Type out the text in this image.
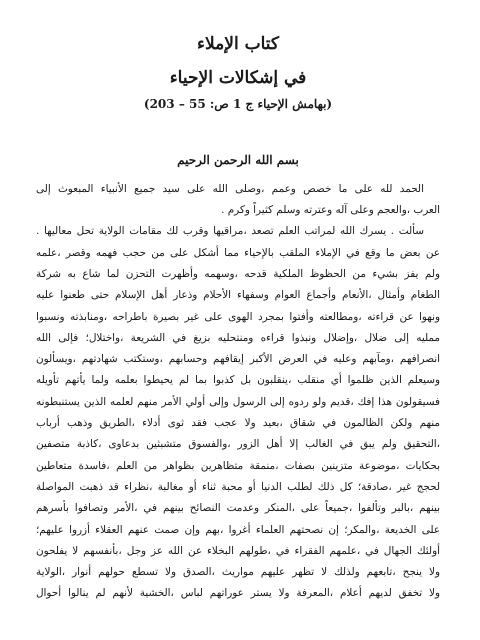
كتاب الإملاء
في إشكالات الإحياء
(بهامش الإحياء ج 1 ص: 55 – 203)
بسم الله الرحمن الرحيم
الحمد لله على ما خصص وعمم ،وصلى الله على سيد جميع الأنبياء المبعوث إلى
العرب ،والعجم وعلى آله وعترته وسلم كثيراً وكرم .
سألت . يسرك الله لمراتب العلم تصعد ،مراقيها وقرب لك مقامات الولاية تحل معاليها .
عن بعض ما وقع في الإملاء الملقب بالإحياء مما أشكل على من حجب فهمه وقصر ،علمه
ولم يفز بشيء من الحظوظ الملكية قدحه ،وسهمه وأظهرت التحزن لما شاع به شركة
الطغام وأمثال ،الأنعام وأجماع العوام وسفهاء الأحلام وذعار أهل الإسلام حتى طعنوا عليه
ونهوا عن قراءته ،ومطالعته وأفتوا بمجرد الهوى على غير بصيرة باطراحه ،ومنابذته ونسبوا
ممليه إلى ضلال ،وإضلال ونبذوا قراءه ومنتحليه بزيغ في الشريعة ،واختلال؛ فإلى الله
انصرافهم ،ومآبهم وعليه في العرض الأكبر إيقافهم وحسابهم ،وستكتب شهادتهم ،ويسألون
وسيعلم الذين ظلموا أي منقلب ،ينقلبون بل كذبوا بما لم يحيطوا بعلمه ولما يأتهم تأويله
فسيقولون هذا إفك ،قديم ولو ردوه إلى الرسول وإلى أولي الأمر منهم لعلمه الذين يستنبطونه
منهم ولكن الظالمون في شقاق ،بعيد ولا عجب فقد ثوى أدلاء ،الطريق وذهب أرباب
،التحقيق ولم يبق في الغالب إلا أهل الزور ،والفسوق متشبثين بدعاوى ،كاذبة متصفين
بحكايات ،موضوعة متزينين بصفات ،منمقة متظاهرين بظواهر من العلم ،فاسدة متعاطين
لحجج غير ،صادقة؛ كل ذلك لطلب الدنيا أو محبة ثناء أو مغالبة ،نظراء قد ذهبت المواصلة
بينهم ،بالبر وتألفوا ،جميعاً على ،المنكر وعدمت النصائح بينهم في ،الأمر وتصافوا بأسرهم
على الخديعة ،والمكر؛ إن نصحتهم العلماء أغروا ،بهم وإن صمت عنهم العقلاء أزروا عليهم؛
أولئك الجهال في ،علمهم الفقراء في ،طولهم البخلاء عن الله عز وجل ،بأنفسهم لا يفلحون
ولا ينجح ،تابعهم ولذلك لا تظهر عليهم مواريث ،الصدق ولا تسطع حولهم أنوار ،الولاية
ولا تخفق لديهم أعلام ،المعرفة ولا يستر عوراتهم لباس ،الخشية لأنهم لم ينالوا أحوال
